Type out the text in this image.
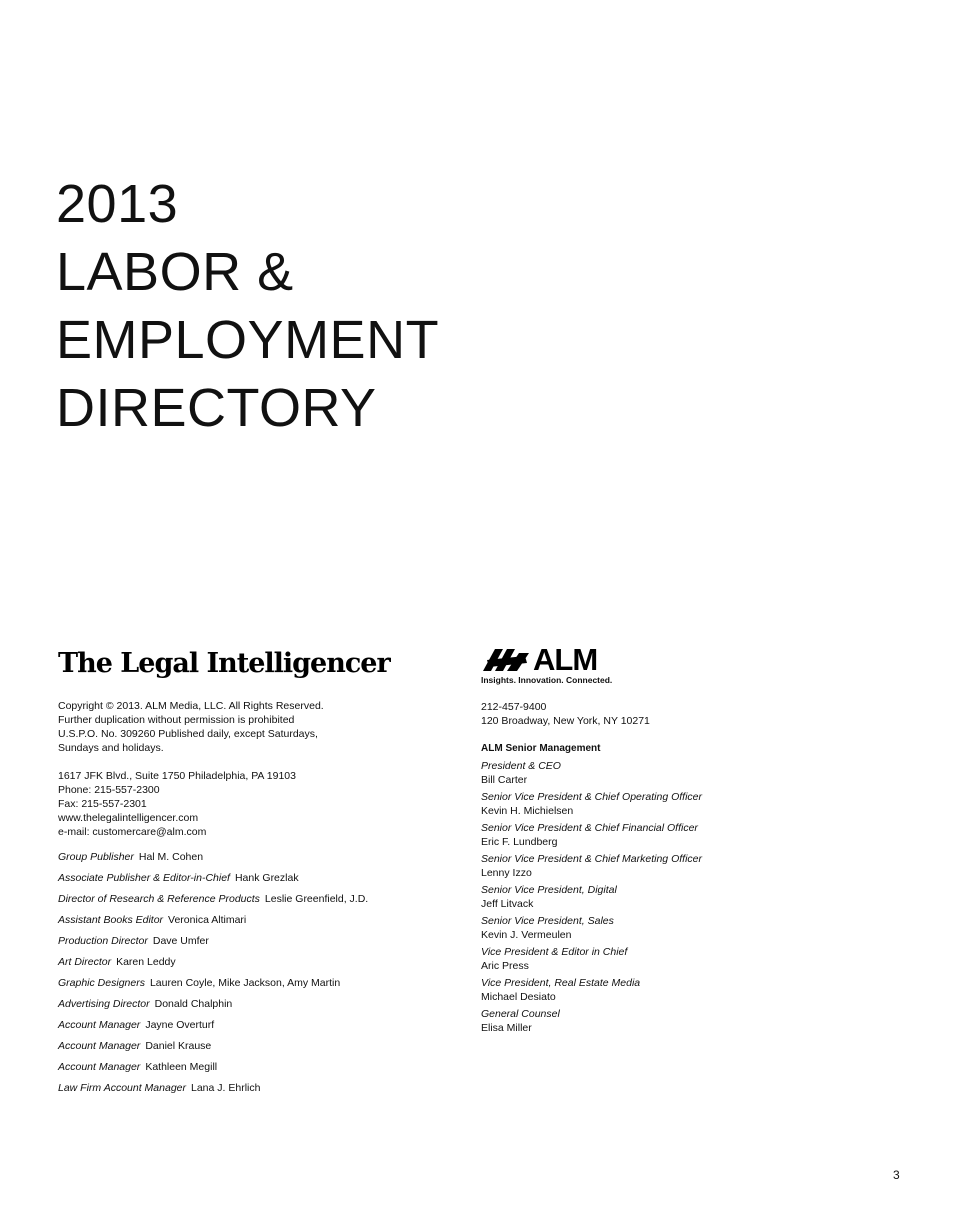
2013
LABOR &
EMPLOYMENT
DIRECTORY
The Legal Intelligencer
Copyright © 2013. ALM Media, LLC. All Rights Reserved.
Further duplication without permission is prohibited
U.S.P.O. No. 309260 Published daily, except Saturdays,
Sundays and holidays.
1617 JFK Blvd., Suite 1750 Philadelphia, PA 19103
Phone: 215-557-2300
Fax: 215-557-2301
www.thelegalintelligencer.com
e-mail: customercare@alm.com
Group Publisher Hal M. Cohen
Associate Publisher & Editor-in-Chief Hank Grezlak
Director of Research & Reference Products Leslie Greenfield, J.D.
Assistant Books Editor Veronica Altimari
Production Director Dave Umfer
Art Director Karen Leddy
Graphic Designers Lauren Coyle, Mike Jackson, Amy Martin
Advertising Director Donald Chalphin
Account Manager Jayne Overturf
Account Manager Daniel Krause
Account Manager Kathleen Megill
Law Firm Account Manager Lana J. Ehrlich
ALM
Insights. Innovation. Connected.
212-457-9400
120 Broadway, New York, NY 10271
ALM Senior Management
President & CEO
Bill Carter
Senior Vice President & Chief Operating Officer
Kevin H. Michielsen
Senior Vice President & Chief Financial Officer
Eric F. Lundberg
Senior Vice President & Chief Marketing Officer
Lenny Izzo
Senior Vice President, Digital
Jeff Litvack
Senior Vice President, Sales
Kevin J. Vermeulen
Vice President & Editor in Chief
Aric Press
Vice President, Real Estate Media
Michael Desiato
General Counsel
Elisa Miller
3
